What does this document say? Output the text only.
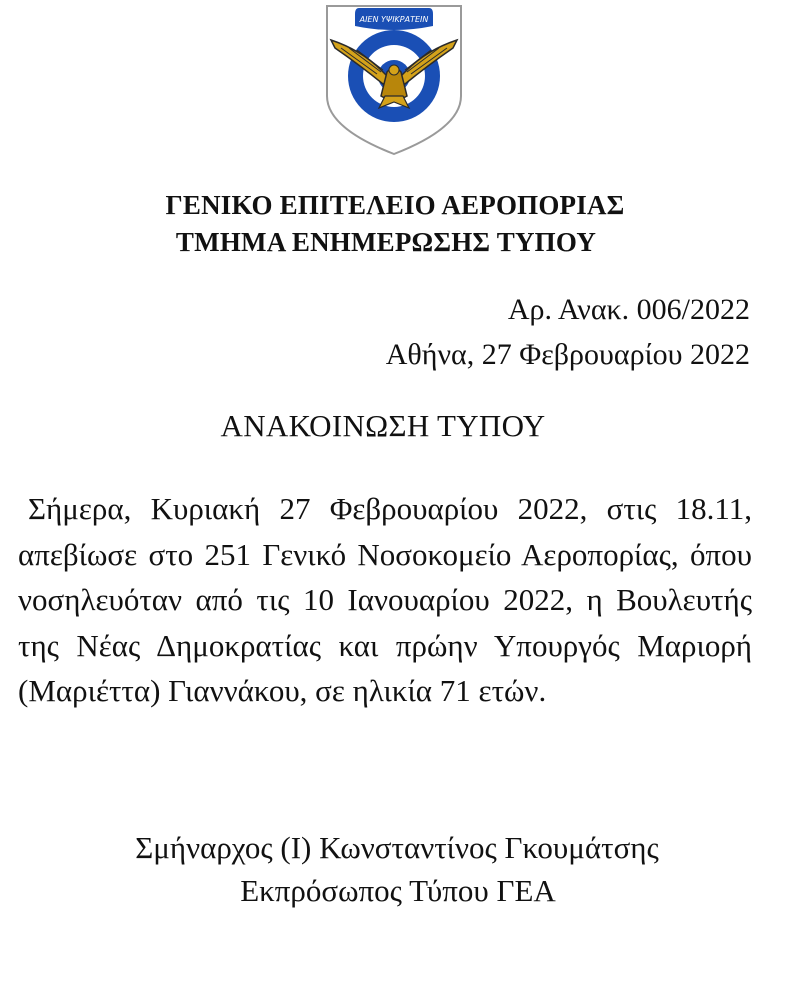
ΑΙΕΝ ΥΨΙΚΡΑΤΕΙΝ
ΓΕΝΙΚΟ ΕΠΙΤΕΛΕΙΟ ΑΕΡΟΠΟΡΙΑΣ
ΤΜΗΜΑ ΕΝΗΜΕΡΩΣΗΣ ΤΥΠΟΥ
Αρ. Ανακ. 006/2022
Αθήνα, 27 Φεβρουαρίου 2022
ΑΝΑΚΟΙΝΩΣΗ ΤΥΠΟΥ
Σήμερα, Κυριακή 27 Φεβρουαρίου 2022, στις 18.11, απεβίωσε στο 251 Γενικό Νοσοκομείο Αεροπορίας, όπου νοσηλευόταν από τις 10 Ιανουαρίου 2022, η Βουλευτής της Νέας Δημοκρατίας και πρώην Υπουργός Μαριορή (Μαριέττα) Γιαννάκου, σε ηλικία 71 ετών.
Σμήναρχος (Ι) Κωνσταντίνος Γκουμάτσης
Εκπρόσωπος Τύπου ΓΕΑ
